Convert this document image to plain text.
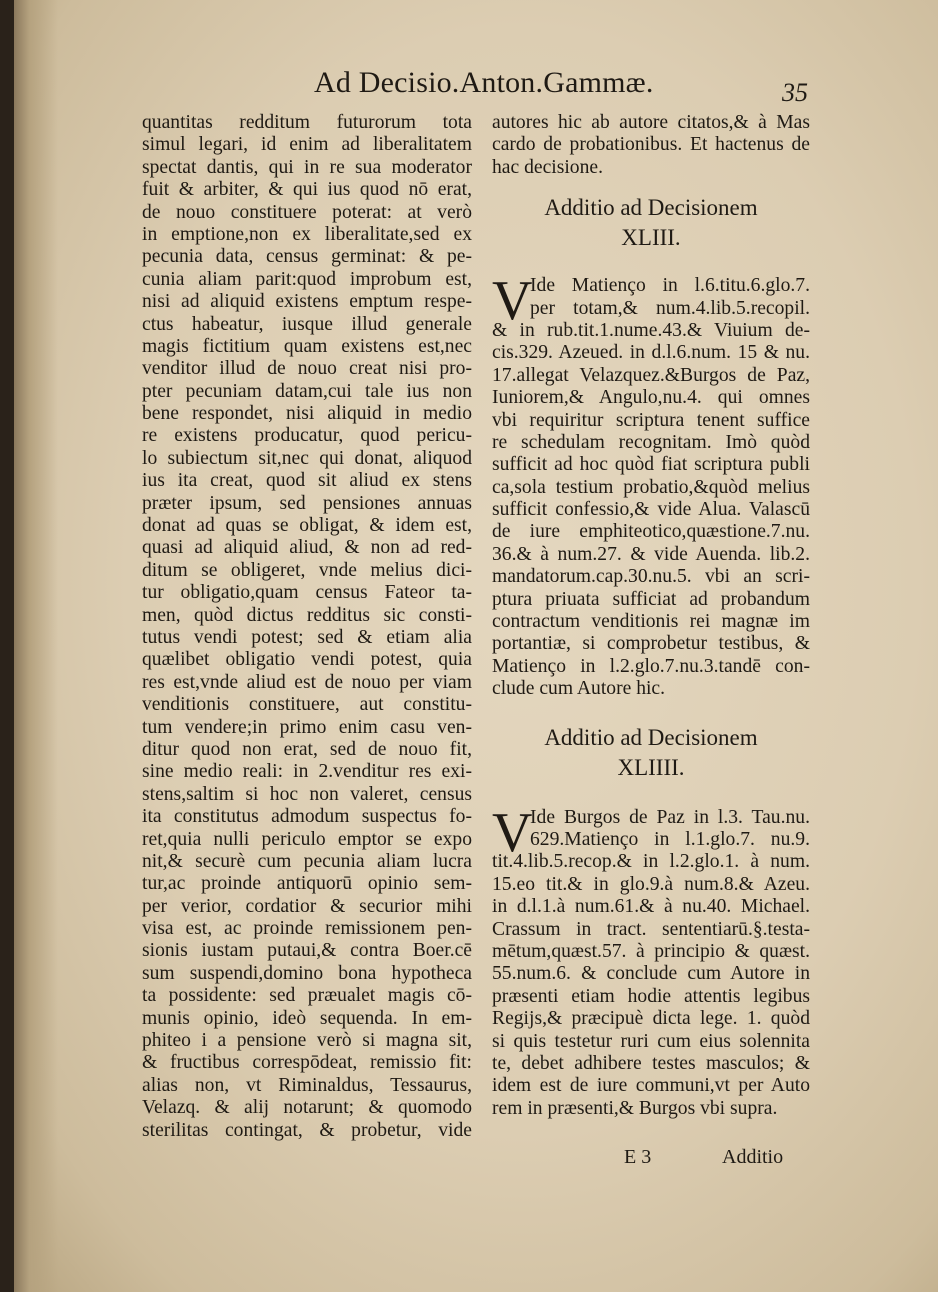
Ad Decisio.Anton.Gammæ.	35
quantitas redditum futurorum tota
simul legari, id enim ad liberalitatem
spectat dantis, qui in re sua moderator
fuit & arbiter, & qui ius quod nō erat,
de nouo constituere poterat: at verò
in emptione,non ex liberalitate,sed ex
pecunia data, census germinat: & pe-
cunia aliam parit:quod improbum est,
nisi ad aliquid existens emptum respe-
ctus habeatur, iusque illud generale
magis fictitium quam existens est,nec
venditor illud de nouo creat nisi pro-
pter pecuniam datam,cui tale ius non
bene respondet, nisi aliquid in medio
re existens producatur, quod pericu-
lo subiectum sit,nec qui donat, aliquod
ius ita creat, quod sit aliud ex stens
præter ipsum, sed pensiones annuas
donat ad quas se obligat, & idem est,
quasi ad aliquid aliud, & non ad red-
ditum se obligeret, vnde melius dici-
tur obligatio,quam census Fateor ta-
men, quòd dictus redditus sic consti-
tutus vendi potest; sed & etiam alia
quælibet obligatio vendi potest, quia
res est,vnde aliud est de nouo per viam
venditionis constituere, aut constitu-
tum vendere;in primo enim casu ven-
ditur quod non erat, sed de nouo fit,
sine medio reali: in 2.venditur res exi-
stens,saltim si hoc non valeret, census
ita constitutus admodum suspectus fo-
ret,quia nulli periculo emptor se expo
nit,& securè cum pecunia aliam lucra
tur,ac proinde antiquorū opinio sem-
per verior, cordatior & securior mihi
visa est, ac proinde remissionem pen-
sionis iustam putaui,& contra Boer.cē
sum suspendi,domino bona hypotheca
ta possidente: sed præualet magis cō-
munis opinio, ideò sequenda. In em-
phiteo i a pensione verò si magna sit,
& fructibus correspōdeat, remissio fit:
alias non, vt Riminaldus, Tessaurus,
Velazq. & alij notarunt; & quomodo
sterilitas contingat, & probetur, vide
autores hic ab autore citatos,& à Mas
cardo de probationibus. Et hactenus de
hac decisione.
Additio ad Decisionem
XLIII.
V
Ide Matienço in l.6.titu.6.glo.7.
per totam,& num.4.lib.5.recopil.
& in rub.tit.1.nume.43.& Viuium de-
cis.329. Azeued. in d.l.6.num. 15 & nu.
17.allegat Velazquez.&Burgos de Paz,
Iuniorem,& Angulo,nu.4. qui omnes
vbi requiritur scriptura tenent suffice
re schedulam recognitam. Imò quòd
sufficit ad hoc quòd fiat scriptura publi
ca,sola testium probatio,&quòd melius
sufficit confessio,& vide Alua. Valascū
de iure emphiteotico,quæstione.7.nu.
36.& à num.27. & vide Auenda. lib.2.
mandatorum.cap.30.nu.5. vbi an scri-
ptura priuata sufficiat ad probandum
contractum venditionis rei magnæ im
portantiæ, si comprobetur testibus, &
Matienço in l.2.glo.7.nu.3.tandē con-
clude cum Autore hic.
Additio ad Decisionem
XLIIII.
V
Ide Burgos de Paz in l.3. Tau.nu.
629.Matienço in l.1.glo.7. nu.9.
tit.4.lib.5.recop.& in l.2.glo.1. à num.
15.eo tit.& in glo.9.à num.8.& Azeu.
in d.l.1.à num.61.& à nu.40. Michael.
Crassum in tract. sententiarū.§.testa-
mētum,quæst.57. à principio & quæst.
55.num.6. & conclude cum Autore in
præsenti etiam hodie attentis legibus
Regijs,& præcipuè dicta lege. 1. quòd
si quis testetur ruri cum eius solennita
te, debet adhibere testes masculos; &
idem est de iure communi,vt per Auto
rem in præsenti,& Burgos vbi supra.
E 3	Additio
